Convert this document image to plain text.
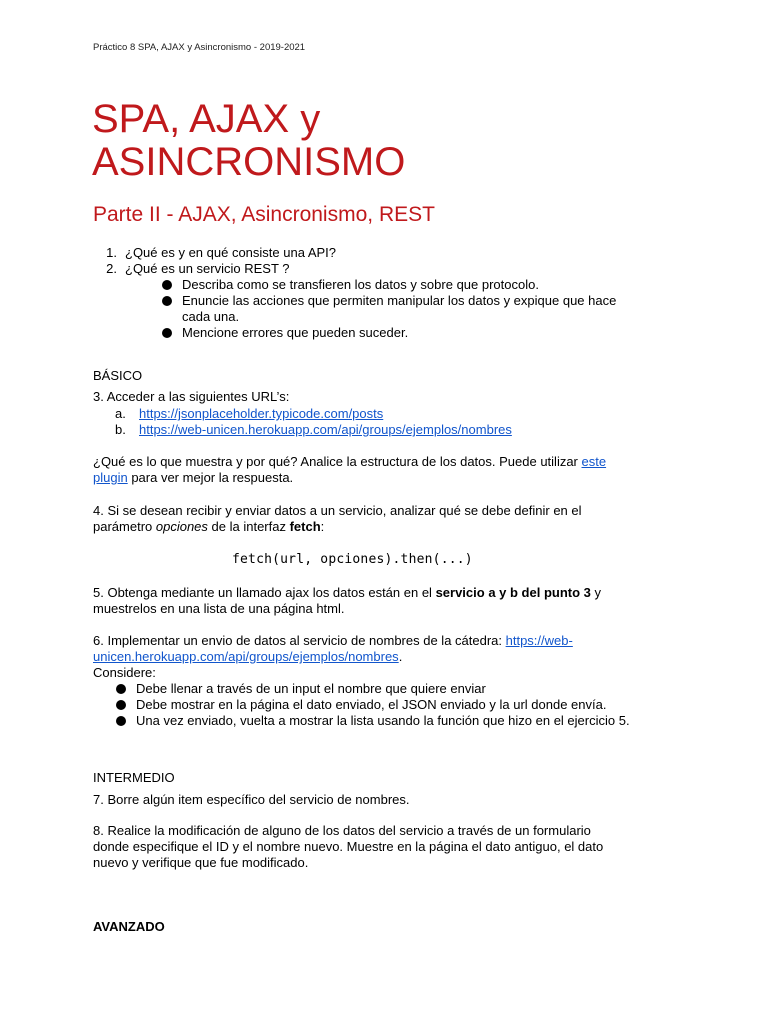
Práctico 8 SPA, AJAX y Asincronismo - 2019-2021
SPA, AJAX y
ASINCRONISMO
Parte II - AJAX, Asincronismo, REST
1. ¿Qué es y en qué consiste una API?
2. ¿Qué es un servicio REST ?
Describa como se transfieren los datos y sobre que protocolo.
Enuncie las acciones que permiten manipular los datos y expique que hace
cada una.
Mencione errores que pueden suceder.
BÁSICO
3. Acceder a las siguientes URL’s:
a. https://jsonplaceholder.typicode.com/posts
b. https://web-unicen.herokuapp.com/api/groups/ejemplos/nombres
¿Qué es lo que muestra y por qué? Analice la estructura de los datos. Puede utilizar este
plugin para ver mejor la respuesta.
4. Si se desean recibir y enviar datos a un servicio, analizar qué se debe definir en el
parámetro opciones de la interfaz fetch:
fetch(url, opciones).then(...)
5. Obtenga mediante un llamado ajax los datos están en el servicio a y b del punto 3 y
muestrelos en una lista de una página html.
6. Implementar un envio de datos al servicio de nombres de la cátedra: https://web-
unicen.herokuapp.com/api/groups/ejemplos/nombres.
Considere:
Debe llenar a través de un input el nombre que quiere enviar
Debe mostrar en la página el dato enviado, el JSON enviado y la url donde envía.
Una vez enviado, vuelta a mostrar la lista usando la función que hizo en el ejercicio 5.
INTERMEDIO
7. Borre algún item específico del servicio de nombres.
8. Realice la modificación de alguno de los datos del servicio a través de un formulario
donde especifique el ID y el nombre nuevo. Muestre en la página el dato antiguo, el dato
nuevo y verifique que fue modificado.
AVANZADO
